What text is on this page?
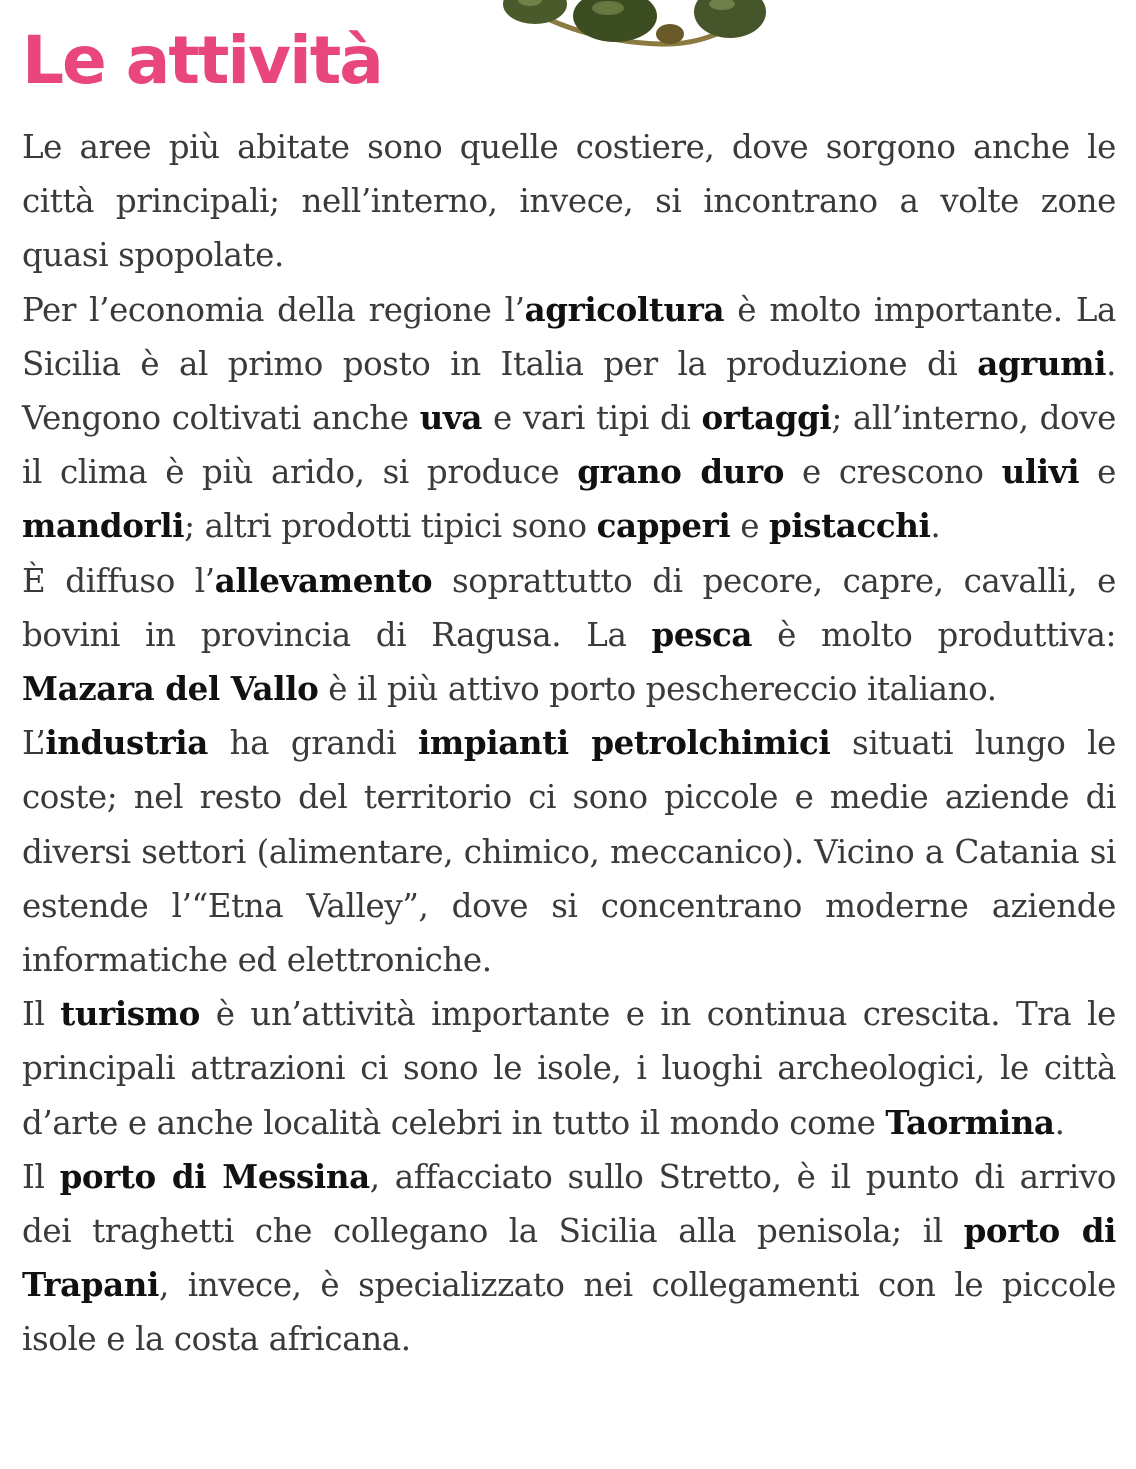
Le attività

Le aree più abitate sono quelle costiere, dove sorgono anche le città principali; nell’interno, invece, si incontrano a volte zone quasi spopolate.

Per l’economia della regione l’agricoltura è molto importante. La Sicilia è al primo posto in Italia per la produzione di agrumi. Vengono coltivati anche uva e vari tipi di ortaggi; all’interno, dove il clima è più arido, si produce grano duro e crescono ulivi e mandorli; altri prodotti tipici sono capperi e pistacchi.

È diffuso l’allevamento soprattutto di pecore, capre, cavalli, e bovini in provincia di Ragusa. La pesca è molto produttiva: Mazara del Vallo è il più attivo porto peschereccio italiano.

L’industria ha grandi impianti petrolchimici situati lungo le coste; nel resto del territorio ci sono piccole e medie aziende di diversi settori (alimentare, chimico, meccanico). Vicino a Catania si estende l’“Etna Valley”, dove si concentrano moderne aziende informatiche ed elettroniche.

Il turismo è un’attività importante e in continua crescita. Tra le principali attrazioni ci sono le isole, i luoghi archeologici, le città d’arte e anche località celebri in tutto il mondo come Taormina.

Il porto di Messina, affacciato sullo Stretto, è il punto di arrivo dei traghetti che collegano la Sicilia alla penisola; il porto di Trapani, invece, è specializzato nei collegamenti con le piccole isole e la costa africana.
